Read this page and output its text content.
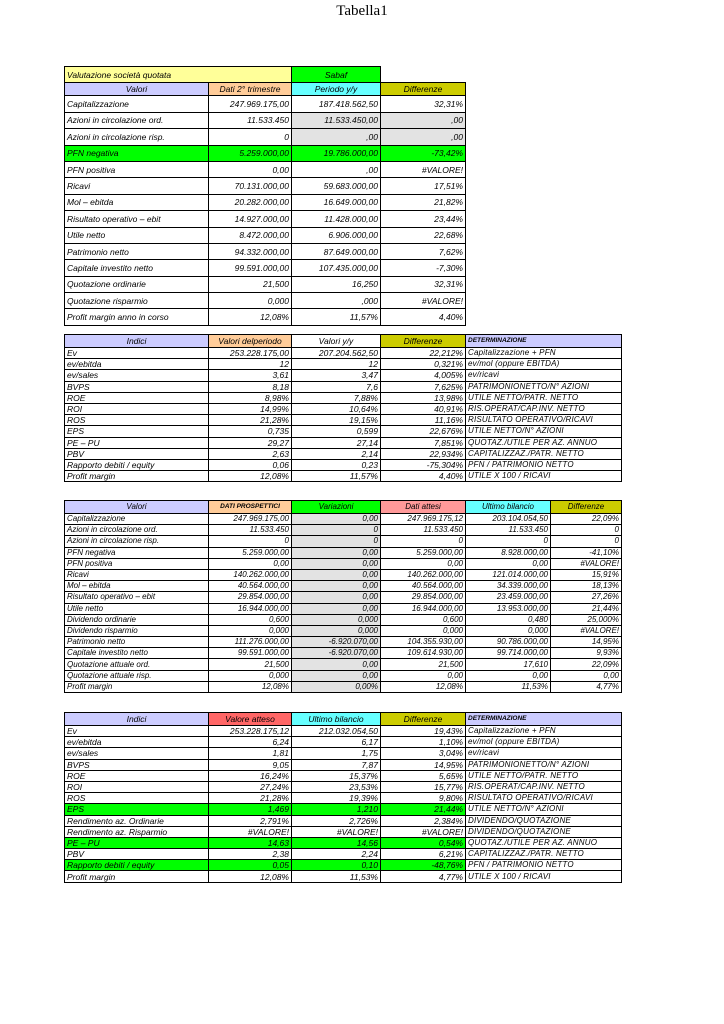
Tabella1
Valutazione società quotata		Sabaf	
Valori	Dati 2° trimestre	Periodo y/y	Differenze
Capitalizzazione	247.969.175,00	187.418.562,50	32,31%
Azioni in circolazione ord.	11.533.450	11.533.450,00	,00
Azioni in circolazione risp.	0	,00	,00
PFN negativa	5.259.000,00	19.786.000,00	-73,42%
PFN positiva	0,00	,00	#VALORE!
Ricavi	70.131.000,00	59.683.000,00	17,51%
Mol – ebitda	20.282.000,00	16.649.000,00	21,82%
Risultato operativo – ebit	14.927.000,00	11.428.000,00	23,44%
Utile netto	8.472.000,00	6.906.000,00	22,68%
Patrimonio netto	94.332.000,00	87.649.000,00	7,62%
Capitale investito netto	99.591.000,00	107.435.000,00	-7,30%
Quotazione ordinarie	21,500	16,250	32,31%
Quotazione risparmio	0,000	,000	#VALORE!
Profit margin anno in corso	12,08%	11,57%	4,40%
Indici	Valori delperiodo	Valori y/y	Differenze	DETERMINAZIONE
Ev	253.228.175,00	207.204.562,50	22,212%	Capitalizzazione + PFN
ev/ebitda	12	12	0,321%	ev/mol (oppure EBITDA)
ev/sales	3,61	3,47	4,005%	ev/ricavi
BVPS	8,18	7,6	7,625%	PATRIMONIONETTO/N° AZIONI
ROE	8,98%	7,88%	13,98%	UTILE NETTO/PATR. NETTO
ROI	14,99%	10,64%	40,91%	RIS.OPERAT/CAP.INV. NETTO
ROS	21,28%	19,15%	11,16%	RISULTATO OPERATIVO/RICAVI
EPS	0,735	0,599	22,676%	UTILE NETTO/N° AZIONI
PE – PU	29,27	27,14	7,851%	QUOTAZ./UTILE PER AZ. ANNUO
PBV	2,63	2,14	22,934%	CAPITALIZZAZ./PATR. NETTO
Rapporto debiti / equity	0,06	0,23	-75,304%	PFN / PATRIMONIO NETTO
Profit margin	12,08%	11,57%	4,40%	UTILE X 100 / RICAVI
Valori	DATI PROSPETTICI	Variazioni	Dati attesi	Ultimo bilancio	Differenze
Capitalizzazione	247.969.175,00	0,00	247.969.175,12	203.104.054,50	22,09%
Azioni in circolazione ord.	11.533.450	0	11.533.450	11.533.450	0
Azioni in circolazione risp.	0	0	0	0	0
PFN negativa	5.259.000,00	0,00	5.259.000,00	8.928.000,00	-41,10%
PFN positiva	0,00	0,00	0,00	0,00	#VALORE!
Ricavi	140.262.000,00	0,00	140.262.000,00	121.014.000,00	15,91%
Mol – ebitda	40.564.000,00	0,00	40.564.000,00	34.339.000,00	18,13%
Risultato operativo – ebit	29.854.000,00	0,00	29.854.000,00	23.459.000,00	27,26%
Utile netto	16.944.000,00	0,00	16.944.000,00	13.953.000,00	21,44%
Dividendo ordinarie	0,600	0,000	0,600	0,480	25,000%
Dividendo risparmio	0,000	0,000	0,000	0,000	#VALORE!
Patrimonio netto	111.276.000,00	-6.920.070,00	104.355.930,00	90.786.000,00	14,95%
Capitale investito netto	99.591.000,00	-6.920.070,00	109.614.930,00	99.714.000,00	9,93%
Quotazione attuale ord.	21,500	0,00	21,500	17,610	22,09%
Quotazione attuale risp.	0,000	0,00	0,00	0,00	0,00
Profit margin	12,08%	0,00%	12,08%	11,53%	4,77%
Indici	Valore atteso	Ultimo bilancio	Differenze	DETERMINAZIONE
Ev	253.228.175,12	212.032.054,50	19,43%	Capitalizzazione + PFN
ev/ebitda	6,24	6,17	1,10%	ev/mol (oppure EBITDA)
ev/sales	1,81	1,75	3,04%	ev/ricavi
BVPS	9,05	7,87	14,95%	PATRIMONIONETTO/N° AZIONI
ROE	16,24%	15,37%	5,65%	UTILE NETTO/PATR. NETTO
ROI	27,24%	23,53%	15,77%	RIS.OPERAT/CAP.INV. NETTO
ROS	21,28%	19,39%	9,80%	RISULTATO OPERATIVO/RICAVI
EPS	1,469	1,210	21,44%	UTILE NETTO/N° AZIONI
Rendimento az. Ordinarie	2,791%	2,726%	2,384%	DIVIDENDO/QUOTAZIONE
Rendimento az. Risparmio	#VALORE!	#VALORE!	#VALORE!	DIVIDENDO/QUOTAZIONE
PE – PU	14,63	14,56	0,54%	QUOTAZ./UTILE PER AZ. ANNUO
PBV	2,38	2,24	6,21%	CAPITALIZZAZ./PATR. NETTO
Rapporto debiti / equity	0,05	0,10	-48,76%	PFN / PATRIMONIO NETTO
Profit margin	12,08%	11,53%	4,77%	UTILE X 100 / RICAVI
